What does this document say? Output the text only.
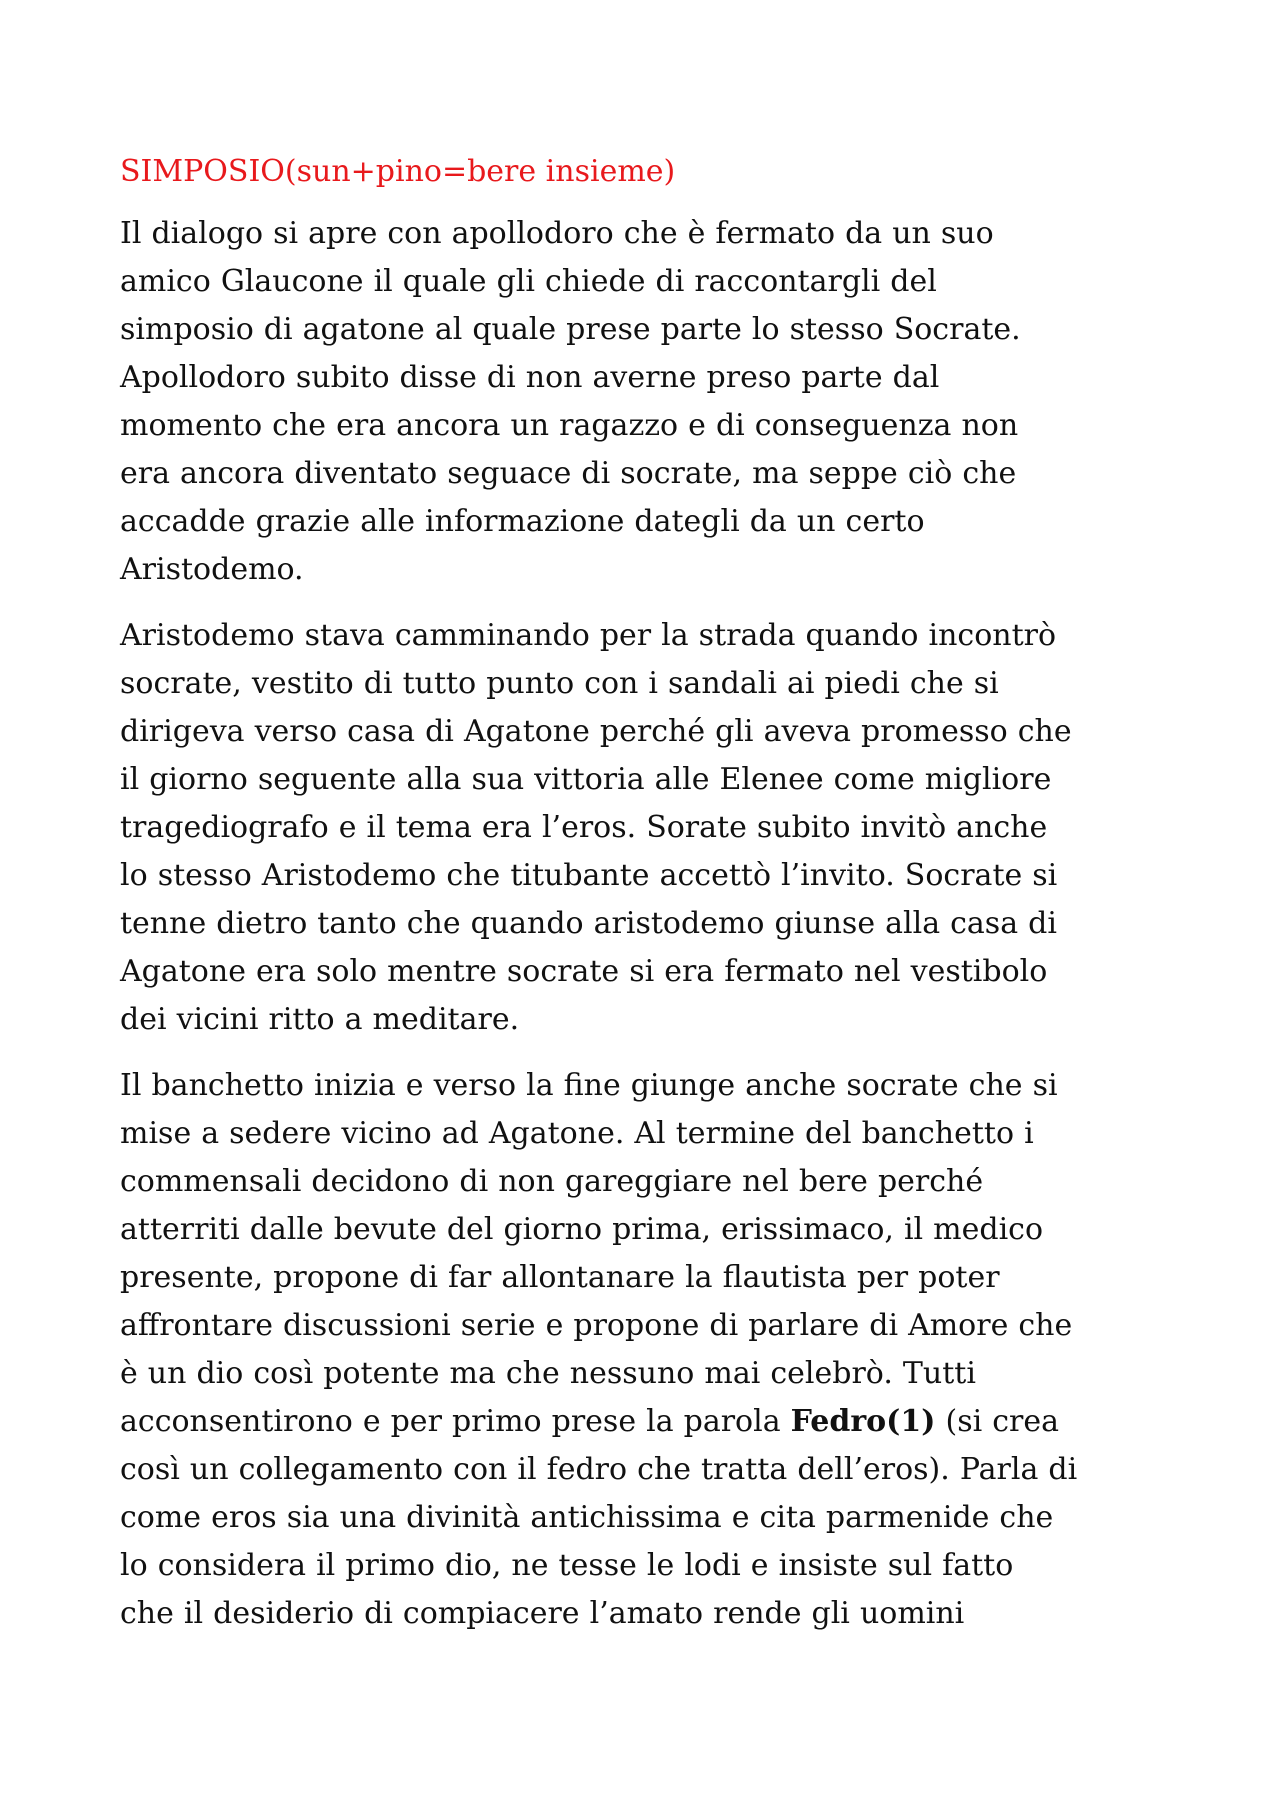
SIMPOSIO(sun+pino=bere insieme)

Il dialogo si apre con apollodoro che è fermato da un suo
amico Glaucone il quale gli chiede di raccontargli del
simposio di agatone al quale prese parte lo stesso Socrate.
Apollodoro subito disse di non averne preso parte dal
momento che era ancora un ragazzo e di conseguenza non
era ancora diventato seguace di socrate, ma seppe ciò che
accadde grazie alle informazione dategli da un certo
Aristodemo.

Aristodemo stava camminando per la strada quando incontrò
socrate, vestito di tutto punto con i sandali ai piedi che si
dirigeva verso casa di Agatone perché gli aveva promesso che
il giorno seguente alla sua vittoria alle Elenee come migliore
tragediografo e il tema era l’eros. Sorate subito invitò anche
lo stesso Aristodemo che titubante accettò l’invito. Socrate si
tenne dietro tanto che quando aristodemo giunse alla casa di
Agatone era solo mentre socrate si era fermato nel vestibolo
dei vicini ritto a meditare.

Il banchetto inizia e verso la fine giunge anche socrate che si
mise a sedere vicino ad Agatone. Al termine del banchetto i
commensali decidono di non gareggiare nel bere perché
atterriti dalle bevute del giorno prima, erissimaco, il medico
presente, propone di far allontanare la flautista per poter
affrontare discussioni serie e propone di parlare di Amore che
è un dio così potente ma che nessuno mai celebrò. Tutti
acconsentirono e per primo prese la parola Fedro(1) (si crea
così un collegamento con il fedro che tratta dell’eros). Parla di
come eros sia una divinità antichissima e cita parmenide che
lo considera il primo dio, ne tesse le lodi e insiste sul fatto
che il desiderio di compiacere l’amato rende gli uomini
